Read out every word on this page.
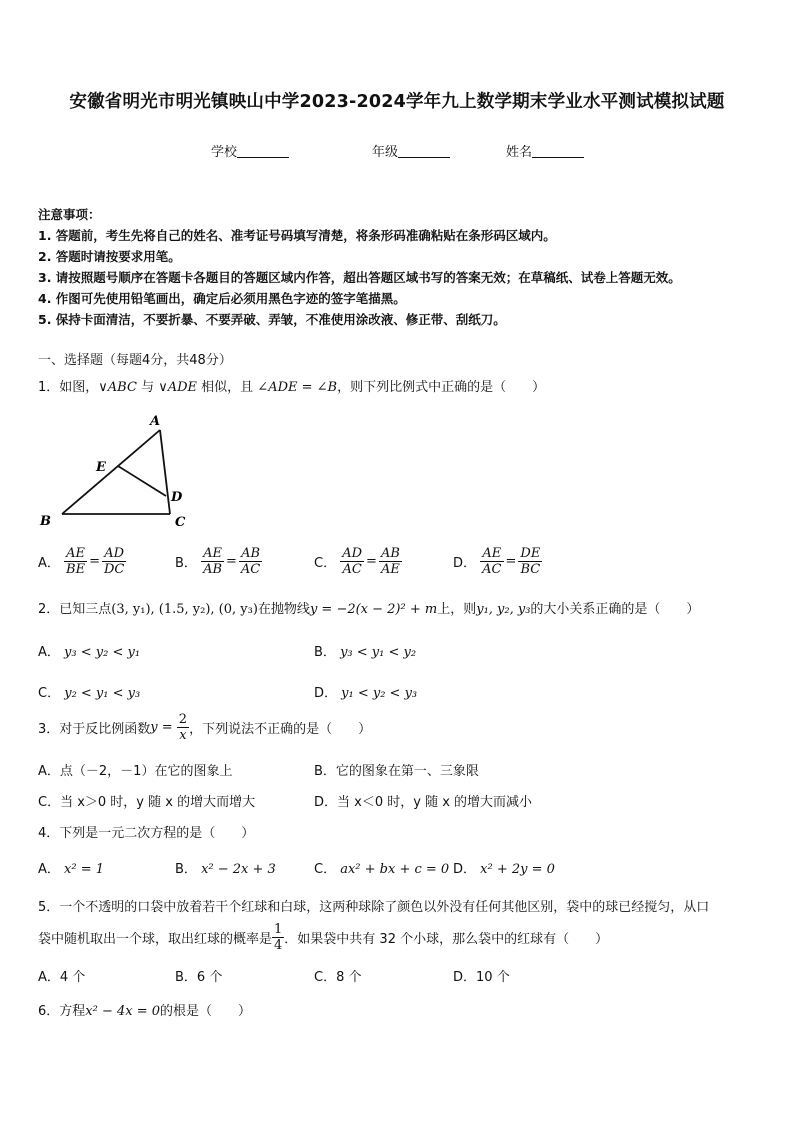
安徽省明光市明光镇映山中学2023-2024学年九上数学期末学业水平测试模拟试题
学校	年级	姓名
注意事项：
1. 答题前，考生先将自己的姓名、准考证号码填写清楚，将条形码准确粘贴在条形码区域内。
2. 答题时请按要求用笔。
3. 请按照题号顺序在答题卡各题目的答题区域内作答，超出答题区域书写的答案无效；在草稿纸、试卷上答题无效。
4. 作图可先使用铅笔画出，确定后必须用黑色字迹的签字笔描黑。
5. 保持卡面清洁，不要折暴、不要弄破、弄皱，不准使用涂改液、修正带、刮纸刀。
一、选择题（每题4分，共48分）
1．如图，∨ABC 与 ∨ADE 相似，且 ∠ADE = ∠B，则下列比例式中正确的是（　　）
A
E
D
B	C
A． $\frac{AE}{BE} = \frac{AD}{DC}$	B． $\frac{AE}{AB} = \frac{AB}{AC}$	C． $\frac{AD}{AC} = \frac{AB}{AE}$	D． $\frac{AE}{AC} = \frac{DE}{BC}$
2．已知三点(3, y₁), (1.5, y₂), (0, y₃)在抛物线y = −2(x − 2)² + m上，则y₁, y₂, y₃的大小关系正确的是（　　）
A． y₃ < y₂ < y₁	B． y₃ < y₁ < y₂
C． y₂ < y₁ < y₃	D． y₁ < y₂ < y₃
3．对于反比例函数$y = \frac{2}{x}$ ，下列说法不正确的是（　　）
A．点（－2，－1）在它的图象上	B．它的图象在第一、三象限
C．当 x＞0 时，y 随 x 的增大而增大	D．当 x＜0 时，y 随 x 的增大而减小
4．下列是一元二次方程的是（　　）
A． x² = 1	B． x² − 2x + 3	C． ax² + bx + c = 0 D． x² + 2y = 0
5．一个不透明的口袋中放着若干个红球和白球，这两种球除了颜色以外没有任何其他区别，袋中的球已经搅匀，从口
袋中随机取出一个球，取出红球的概率是 $\frac{1}{4}$ ．如果袋中共有 32 个小球，那么袋中的红球有（　　）
A．4 个	B．6 个	C．8 个	D．10 个
6．方程x² − 4x = 0的根是（　　）
